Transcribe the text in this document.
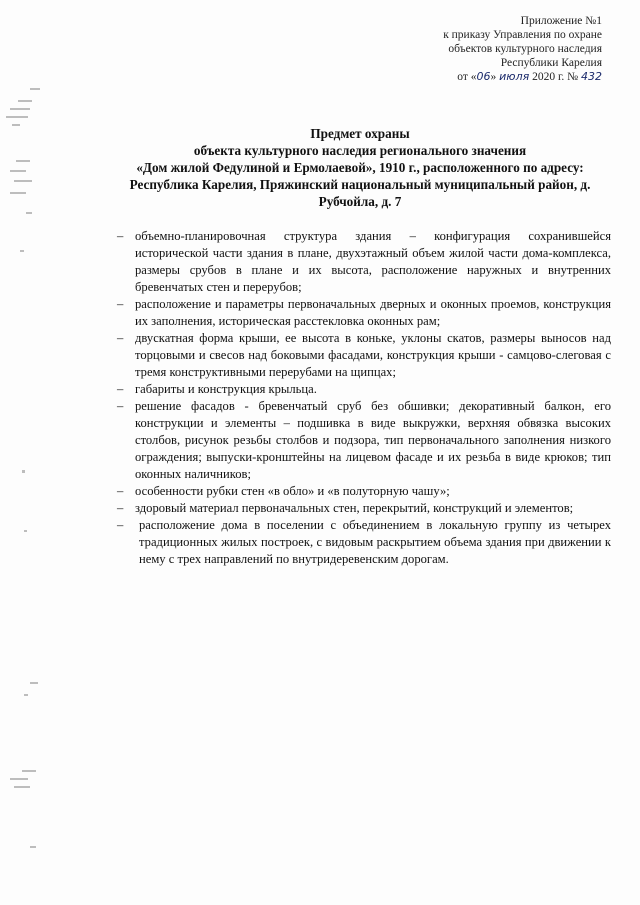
Приложение №1
к приказу Управления по охране
объектов культурного наследия
Республики Карелия
от «06» июля 2020 г. № 432
Предмет охраны
объекта культурного наследия регионального значения
«Дом жилой Федулиной и Ермолаевой», 1910 г., расположенного по адресу:
Республика Карелия, Пряжинский национальный муниципальный район, д.
Рубчойла, д. 7
– объемно-планировочная структура здания – конфигурация сохранившейся исторической части здания в плане, двухэтажный объем жилой части дома-комплекса, размеры срубов в плане и их высота, расположение наружных и внутренних бревенчатых стен и перерубов;
– расположение и параметры первоначальных дверных и оконных проемов, конструкция их заполнения, историческая расстекловка оконных рам;
– двускатная форма крыши, ее высота в коньке, уклоны скатов, размеры выносов над торцовыми и свесов над боковыми фасадами, конструкция крыши - самцово-слеговая с тремя конструктивными перерубами на щипцах;
– габариты и конструкция крыльца.
– решение фасадов - бревенчатый сруб без обшивки; декоративный балкон, его конструкции и элементы – подшивка в виде выкружки, верхняя обвязка высоких столбов, рисунок резьбы столбов и подзора, тип первоначального заполнения низкого ограждения; выпуски-кронштейны на лицевом фасаде и их резьба в виде крюков; тип оконных наличников;
– особенности рубки стен «в обло» и «в полуторную чашу»;
– здоровый материал первоначальных стен, перекрытий, конструкций и элементов;
– расположение дома в поселении с объединением в локальную группу из четырех традиционных жилых построек, с видовым раскрытием объема здания при движении к нему с трех направлений по внутридеревенским дорогам.
